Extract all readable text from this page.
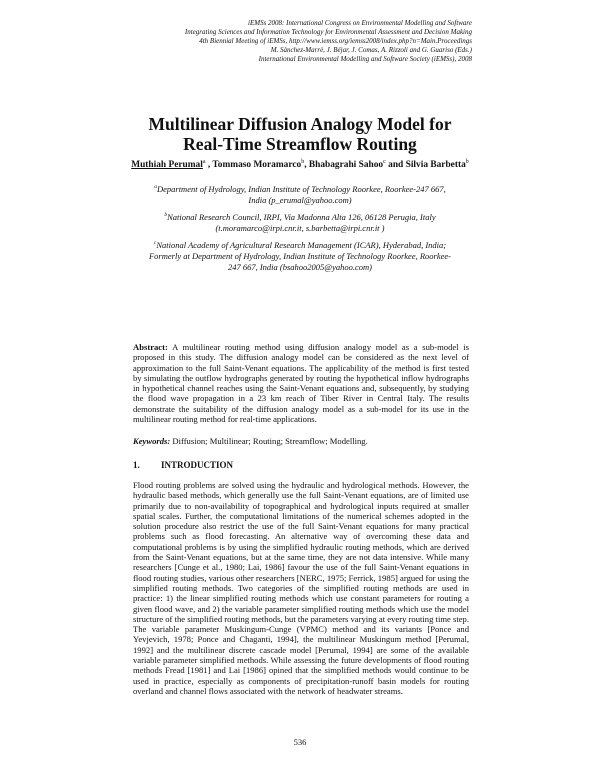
iEMSs 2008: International Congress on Environmental Modelling and Software
Integrating Sciences and Information Technology for Environmental Assessment and Decision Making
4th Biennial Meeting of iEMSs, http://www.iemss.org/iemss2008/index.php?n=Main.Proceedings
M. Sànchez-Marrè, J. Béjar, J. Comas, A. Rizzoli and G. Guariso (Eds.)
International Environmental Modelling and Software Society (iEMSs), 2008
Multilinear Diffusion Analogy Model for
Real-Time Streamflow Routing
Muthiah Perumal$^a$ , Tommaso Moramarco$^b$, Bhabagrahi Sahoo$^c$ and Silvia Barbetta$^b$
$^a$Department of Hydrology, Indian Institute of Technology Roorkee, Roorkee-247 667,
India (p_erumal@yahoo.com)
$^b$National Research Council, IRPI, Via Madonna Alta 126, 06128 Perugia, Italy
(t.moramarco@irpi.cnr.it, s.barbetta@irpi.cnr.it )
$^c$National Academy of Agricultural Research Management (ICAR), Hyderabad, India;
Formerly at Department of Hydrology, Indian Institute of Technology Roorkee, Roorkee-
247 667, India (bsahoo2005@yahoo.com)
Abstract: A multilinear routing method using diffusion analogy model as a sub-model is proposed in this study. The diffusion analogy model can be considered as the next level of approximation to the full Saint-Venant equations. The applicability of the method is first tested by simulating the outflow hydrographs generated by routing the hypothetical inflow hydrographs in hypothetical channel reaches using the Saint-Venant equations and, subsequently, by studying the flood wave propagation in a 23 km reach of Tiber River in Central Italy. The results demonstrate the suitability of the diffusion analogy model as a sub-model for its use in the multilinear routing method for real-time applications.
Keywords: Diffusion; Multilinear; Routing; Streamflow; Modelling.
1. INTRODUCTION
Flood routing problems are solved using the hydraulic and hydrological methods. However, the hydraulic based methods, which generally use the full Saint-Venant equations, are of limited use primarily due to non-availability of topographical and hydrological inputs required at smaller spatial scales. Further, the computational limitations of the numerical schemes adopted in the solution procedure also restrict the use of the full Saint-Venant equations for many practical problems such as flood forecasting. An alternative way of overcoming these data and computational problems is by using the simplified hydraulic routing methods, which are derived from the Saint-Venant equations, but at the same time, they are not data intensive. While many researchers [Cunge et al., 1980; Lai, 1986] favour the use of the full Saint-Venant equations in flood routing studies, various other researchers [NERC, 1975; Ferrick, 1985] argued for using the simplified routing methods. Two categories of the simplified routing methods are used in practice: 1) the linear simplified routing methods which use constant parameters for routing a given flood wave, and 2) the variable parameter simplified routing methods which use the model structure of the simplified routing methods, but the parameters varying at every routing time step. The variable parameter Muskingum-Cunge (VPMC) method and its variants [Ponce and Yevjevich, 1978; Ponce and Chaganti, 1994], the multilinear Muskingum method [Perumal, 1992] and the multilinear discrete cascade model [Perumal, 1994] are some of the available variable parameter simplified methods. While assessing the future developments of flood routing methods Fread [1981] and Lai [1986] opined that the simplified methods would continue to be used in practice, especially as components of precipitation-runoff basin models for routing overland and channel flows associated with the network of headwater streams.
536
